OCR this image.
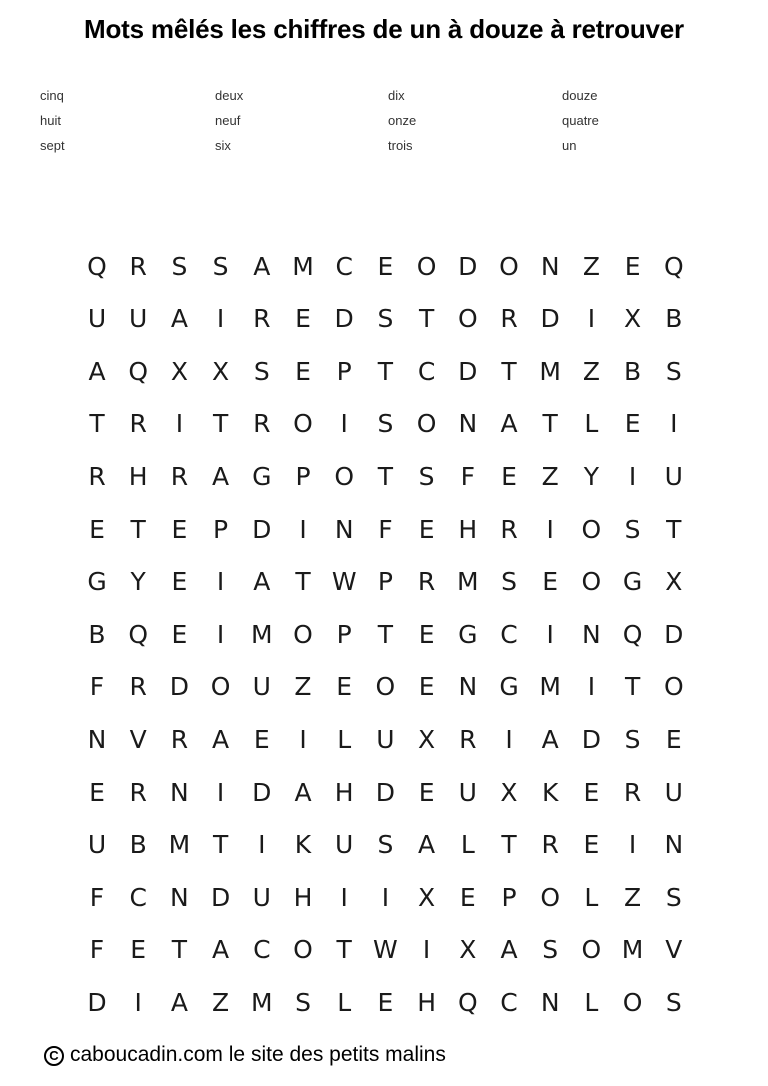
Mots mêlés les chiffres de un à douze à retrouver
cinq	deux	dix	douze
huit	neuf	onze	quatre
sept	six	trois	un
Q R S	S A M C E O D O N Z E Q
U U A	I	R E D S	T O R D	I	X B
A Q X X S	E	P	T C D T M Z B S
T R	I	T R O	I	S O N A	T	L	E	I
R H R A G P O T	S	F	E Z	Y	I	U
E	T	E	P D	I	N F	E H R	I	O S	T
G Y	E	I	A	T W P R M S	E O G X
B Q E	I	M O P	T	E G C	I	N Q D
F	R D O U Z E O E N G M	I	T O
N V R A E	I	L	U X R	I	A D S	E
E R N	I	D A H D E U X K	E R U
U B M T	I	K U S A	L	T R E	I	N
F	C N D U H	I	I	X E	P O L	Z S
F	E	T	A C O T W	I	X A S O M V
D	I	A Z M S	L	E H Q C N L O S
C caboucadin.com le site des petits malins
